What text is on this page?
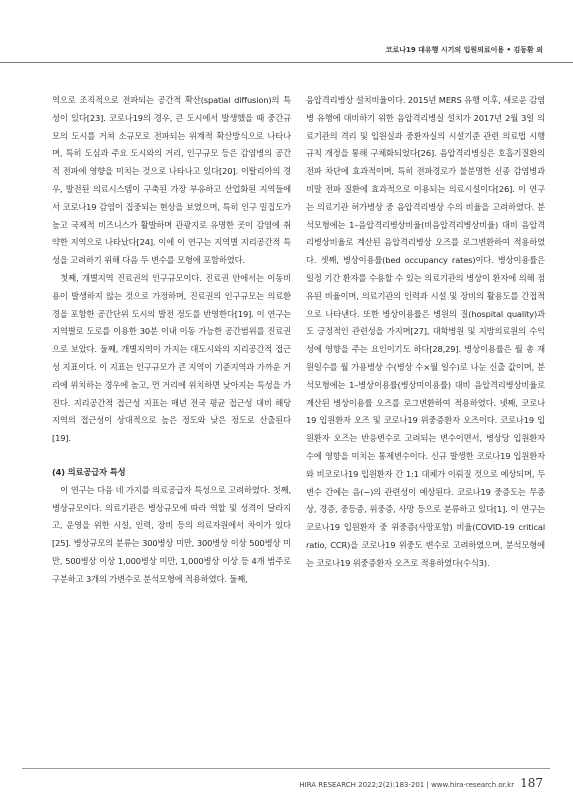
코로나19 대유행 시기의 입원의료이용 • 김동환 외

역으로 조직적으로 전파되는 공간적 확산(spatial diffusion)의 특성이 있다[23]. 코로나19의 경우, 큰 도시에서 발생했을 때 중간규모의 도시를 거쳐 소규모로 전파되는 위계적 확산방식으로 나타나며, 특히 도심과 주요 도시와의 거리, 인구규모 등은 감염병의 공간적 전파에 영향을 미치는 것으로 나타나고 있다[20]. 이탈리아의 경우, 발전된 의료시스템이 구축된 가장 부유하고 산업화된 지역들에서 코로나19 감염이 집중되는 현상을 보였으며, 특히 인구 밀집도가 높고 국제적 비즈니스가 활발하며 관광지로 유명한 곳이 감염에 취약한 지역으로 나타났다[24]. 이에 이 연구는 지역별 지리공간적 특성을 고려하기 위해 다음 두 변수를 모형에 포함하였다.

첫째, 개별지역 진료권의 인구규모이다. 진료권 안에서는 이동비용이 발생하지 않는 것으로 가정하며, 진료권의 인구규모는 의료환경을 포함한 공간단위 도시의 발전 정도를 반영한다[19]. 이 연구는 지역별로 도로를 이용한 30분 이내 이동 가능한 공간범위를 진료권으로 보았다. 둘째, 개별지역이 가지는 대도시와의 지리공간적 접근성 지표이다. 이 지표는 인구규모가 큰 지역이 기준지역과 가까운 거리에 위치하는 경우에 높고, 먼 거리에 위치하면 낮아지는 특성을 가진다. 지리공간적 접근성 지표는 매년 전국 평균 접근성 대비 해당 지역의 접근성이 상대적으로 높은 정도와 낮은 정도로 산출된다[19].

(4) 의료공급자 특성

이 연구는 다음 네 가지를 의료공급자 특성으로 고려하였다. 첫째, 병상규모이다. 의료기관은 병상규모에 따라 역할 및 성격이 달라지고, 운영을 위한 시설, 인력, 장비 등의 의료자원에서 차이가 있다[25]. 병상규모의 분류는 300병상 미만, 300병상 이상 500병상 미만, 500병상 이상 1,000병상 미만, 1,000병상 이상 등 4개 범주로 구분하고 3개의 가변수로 분석모형에 적용하였다. 둘째,

음압격리병상 설치비율이다. 2015년 MERS 유행 이후, 새로운 감염병 유행에 대비하기 위한 음압격리병실 설치가 2017년 2월 3일 의료기관의 격리 및 입원실과 중환자실의 시설기준 관련 의료법 시행규칙 개정을 통해 구체화되었다[26]. 음압격리병실은 호흡기질환의 전파 차단에 효과적이며, 특히 전파경로가 불분명한 신종 감염병과 비말 전파 질환에 효과적으로 이용되는 의료시설이다[26]. 이 연구는 의료기관 허가병상 중 음압격리병상 수의 비율을 고려하였다. 분석모형에는 1–음압격리병상비율(비음압격리병상비율) 대비 음압격리병상비율로 계산된 음압격리병상 오즈를 로그변환하여 적용하였다. 셋째, 병상이용률(bed occupancy rates)이다. 병상이용률은 일정 기간 환자를 수용할 수 있는 의료기관의 병상이 환자에 의해 점유된 비율이며, 의료기관의 인력과 시설 및 장비의 활용도를 간접적으로 나타낸다. 또한 병상이용률은 병원의 질(hospital quality)과도 긍정적인 관련성을 가지며[27], 대학병원 및 지방의료원의 수익성에 영향을 주는 요인이기도 하다[28,29]. 병상이용률은 월 총 재원일수를 월 가용병상 수(병상 수×월 일수)로 나눈 신출 값이며, 분석모형에는 1–병상이용률(병상미이용률) 대비 음압격리병상비율로 계산된 병상이용률 오즈를 로그변환하여 적용하였다. 넷째, 코로나19 입원환자 오즈 및 코로나19 위중증환자 오즈이다. 코로나19 입원환자 오즈는 반응변수로 고려되는 변수이면서, 병상당 입원환자 수에 영향을 미치는 통제변수이다. 신규 발생한 코로나19 입원환자와 비코로나19 입원환자 간 1:1 대체가 이뤄질 것으로 예상되며, 두 변수 간에는 음(−)의 관련성이 예상된다. 코로나19 중증도는 무증상, 경증, 중등증, 위중증, 사망 등으로 분류하고 있다[1]. 이 연구는 코로나19 입원환자 중 위중증(사망포함) 비율(COVID-19 critical ratio, CCR)을 코로나19 위중도 변수로 고려하였으며, 분석모형에는 코로나19 위중증환자 오즈로 적용하였다(수식3).

HIRA RESEARCH 2022;2(2):183-201 | www.hira-research.or.kr 187
